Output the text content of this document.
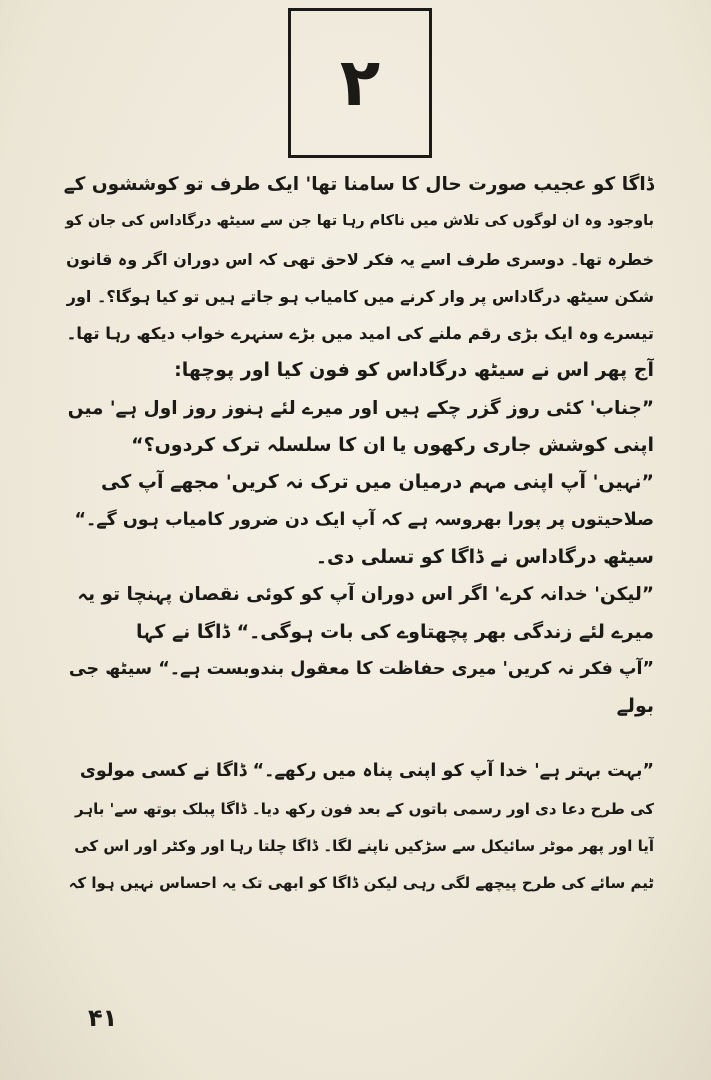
۲
ڈاگا کو عجیب صورت حال کا سامنا تھا' ایک طرف تو کوششوں کے
باوجود وہ ان لوگوں کی تلاش میں ناکام رہا تھا جن سے سیٹھ درگاداس کی جان کو
خطرہ تھا۔ دوسری طرف اسے یہ فکر لاحق تھی کہ اس دوران اگر وہ قانون
شکن سیٹھ درگاداس پر وار کرنے میں کامیاب ہو جاتے ہیں تو کیا ہوگا؟۔ اور
تیسرے وہ ایک بڑی رقم ملنے کی امید میں بڑے سنہرے خواب دیکھ رہا تھا۔
آج پھر اس نے سیٹھ درگاداس کو فون کیا اور پوچھا:
”جناب' کئی روز گزر چکے ہیں اور میرے لئے ہنوز روز اول ہے' میں
اپنی کوشش جاری رکھوں یا ان کا سلسلہ ترک کردوں؟“
”نہیں' آپ اپنی مہم درمیان میں ترک نہ کریں' مجھے آپ کی
صلاحیتوں پر پورا بھروسہ ہے کہ آپ ایک دن ضرور کامیاب ہوں گے۔“
سیٹھ درگاداس نے ڈاگا کو تسلی دی۔
”لیکن' خدانہ کرے' اگر اس دوران آپ کو کوئی نقصان پہنچا تو یہ
میرے لئے زندگی بھر پچھتاوے کی بات ہوگی۔“ ڈاگا نے کہا
”آپ فکر نہ کریں' میری حفاظت کا معقول بندوبست ہے۔“ سیٹھ جی
بولے
”بہت بہتر ہے' خدا آپ کو اپنی پناہ میں رکھے۔“ ڈاگا نے کسی مولوی
کی طرح دعا دی اور رسمی باتوں کے بعد فون رکھ دیا۔ ڈاگا پبلک بوتھ سے' باہر
آیا اور پھر موٹر سائیکل سے سڑکیں ناپنے لگا۔ ڈاگا چلتا رہا اور وکٹر اور اس کی
ٹیم سائے کی طرح پیچھے لگی رہی لیکن ڈاگا کو ابھی تک یہ احساس نہیں ہوا کہ
۴۱
